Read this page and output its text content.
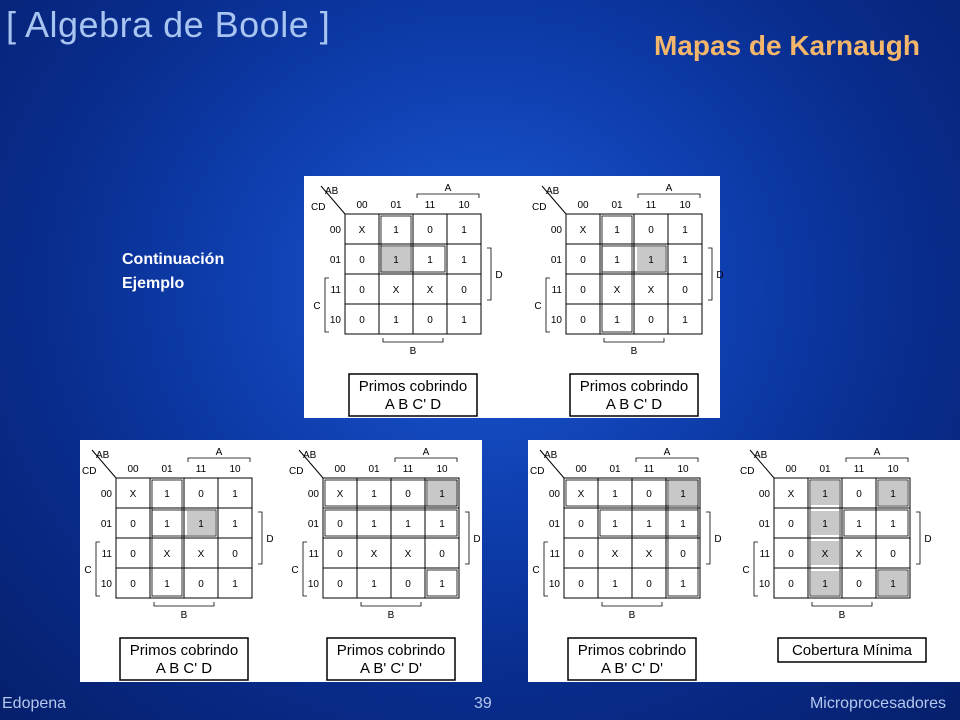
[ Algebra de Boole ]
Mapas de Karnaugh
Continuación
Ejemplo
X	1	0	1
0	1	1	1
0	X	X	0
0	1	0	1
00 01 11 10
00
01
11
10
AB
CD
A
B
C
D
Primos cobrindo
A B C' D
X	1	0	1
0	1	1	1
0	X	X	0
0	1	0	1
00 01 11 10
00
01
11
10
AB
CD
A
B
C
D
Primos cobrindo
A B C' D
X	1	0	1
0	1	1	1
0	X	X	0
0	1	0	1
00 01 11 10
00
01
11
10
AB
CD
A
B
C
D
Primos cobrindo
A B C' D
X	1	0	1
0	1	1	1
0	X	X	0
0	1	0	1
00 01 11 10
00
01
11
10
AB
CD
A
B
C
D
Primos cobrindo
A B' C' D'
X	1	0	1
0	1	1	1
0	X	X	0
0	1	0	1
00 01 11 10
00
01
11
10
AB
CD
A
B
C
D
Primos cobrindo
A B' C' D'
X	1	0	1
0	1	1	1
0	X	X	0
0	1	0	1
00 01 11 10
00
01
11
10
AB
CD
A
B
C
D
Cobertura Mínima
Edopena	39	Microprocesadores
